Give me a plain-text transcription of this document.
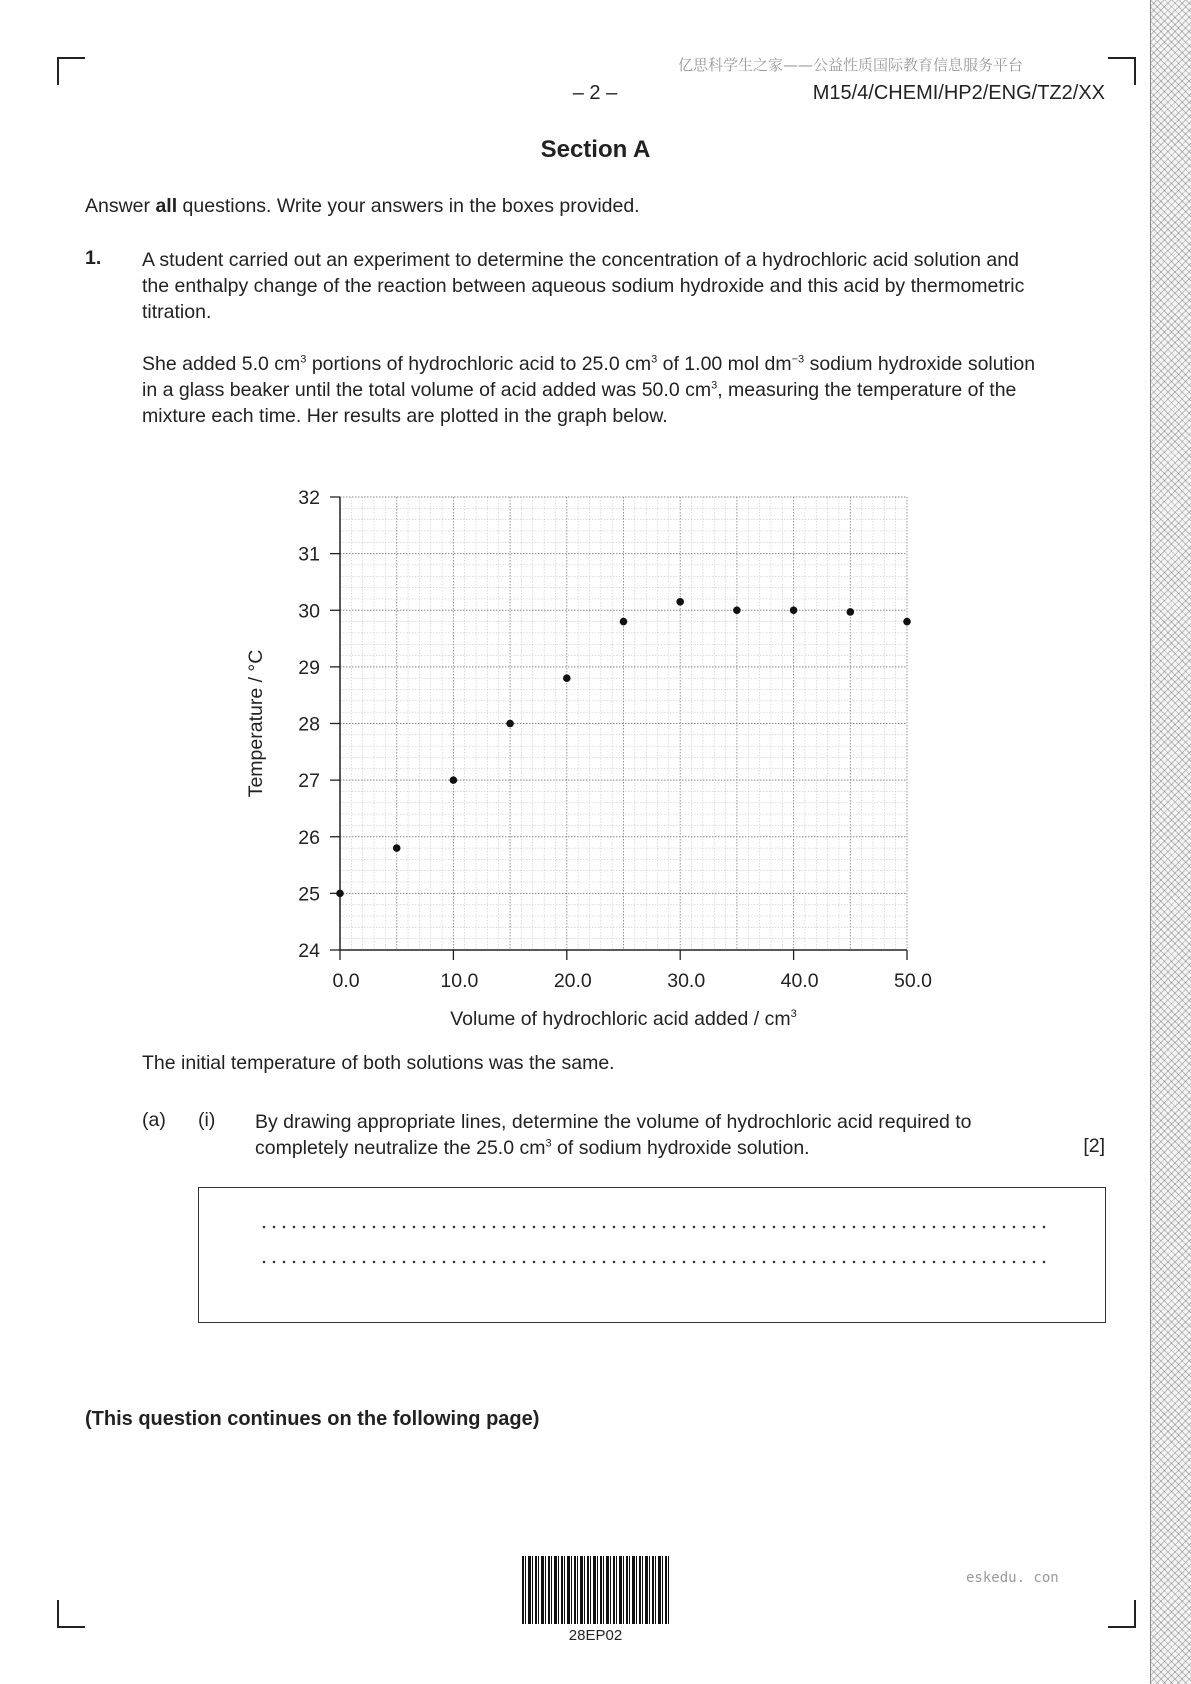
亿思科学生之家——公益性质国际教育信息服务平台
– 2 –	M15/4/CHEMI/HP2/ENG/TZ2/XX
Section A
Answer all questions. Write your answers in the boxes provided.
1. A student carried out an experiment to determine the concentration of a hydrochloric acid solution and the enthalpy change of the reaction between aqueous sodium hydroxide and this acid by thermometric titration.
She added 5.0 $cm^3$ portions of hydrochloric acid to 25.0 $cm^3$ of 1.00 mol $dm^{-3}$ sodium hydroxide solution in a glass beaker until the total volume of acid added was 50.0 $cm^3$, measuring the temperature of the mixture each time. Her results are plotted in the graph below.
24
25
26
27
28
29
30
31
32
0.0	10.0	20.0	30.0	40.0	50.0
Volume of hydrochloric acid added / $cm^3$
Temperature / °C
The initial temperature of both solutions was the same.
(a) (i) By drawing appropriate lines, determine the volume of hydrochloric acid required to completely neutralize the 25.0 $cm^3$ of sodium hydroxide solution.	[2]
(This question continues on the following page)
28EP02
eskedu. con
